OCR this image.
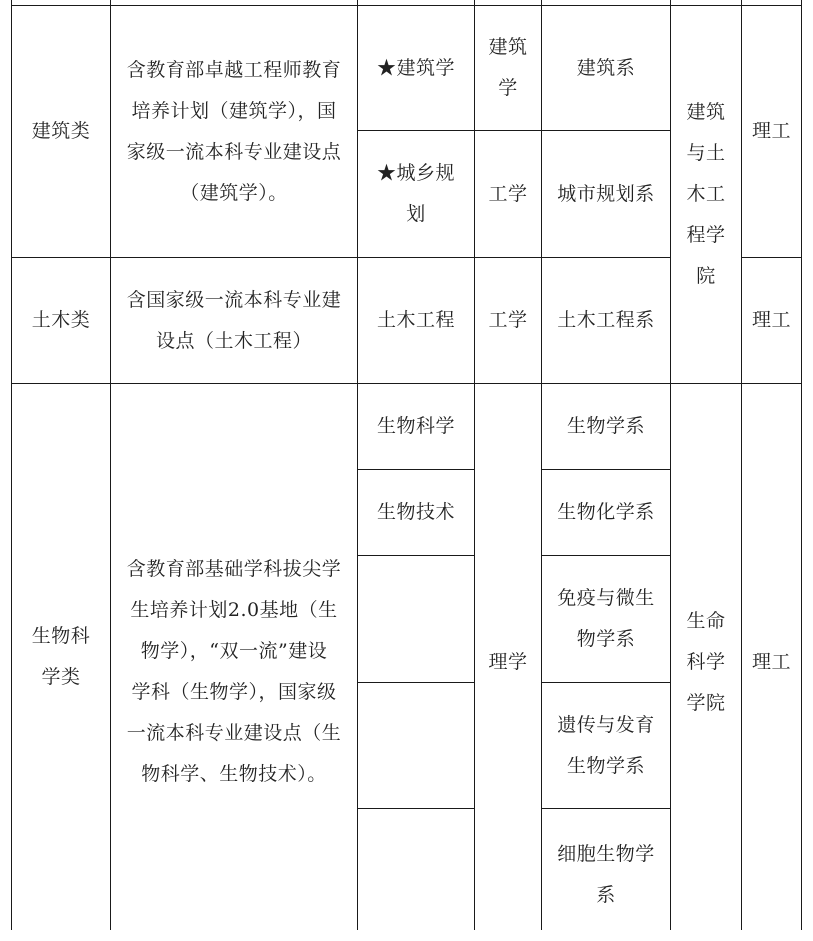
建筑类
含教育部卓越工程师教育
培养计划（建筑学），国
家级一流本科专业建设点
（建筑学）。
★建筑学
建筑
学
建筑系
★城乡规
划
工学 城市规划系
建筑
与土
木工
程学
院
理工
土木类
含国家级一流本科专业建
设点（土木工程）
土木工程 工学 土木工程系	理工
生物科
学类
含教育部基础学科拔尖学
生培养计划2.0基地（生
物学），“双一流”建设
学科（生物学），国家级
一流本科专业建设点（生
物科学、生物技术）。
生物科学
生物技术
理学
生物学系
生物化学系
免疫与微生
物学系
遗传与发育
生物学系
细胞生物学
系
生命
科学
学院
理工
